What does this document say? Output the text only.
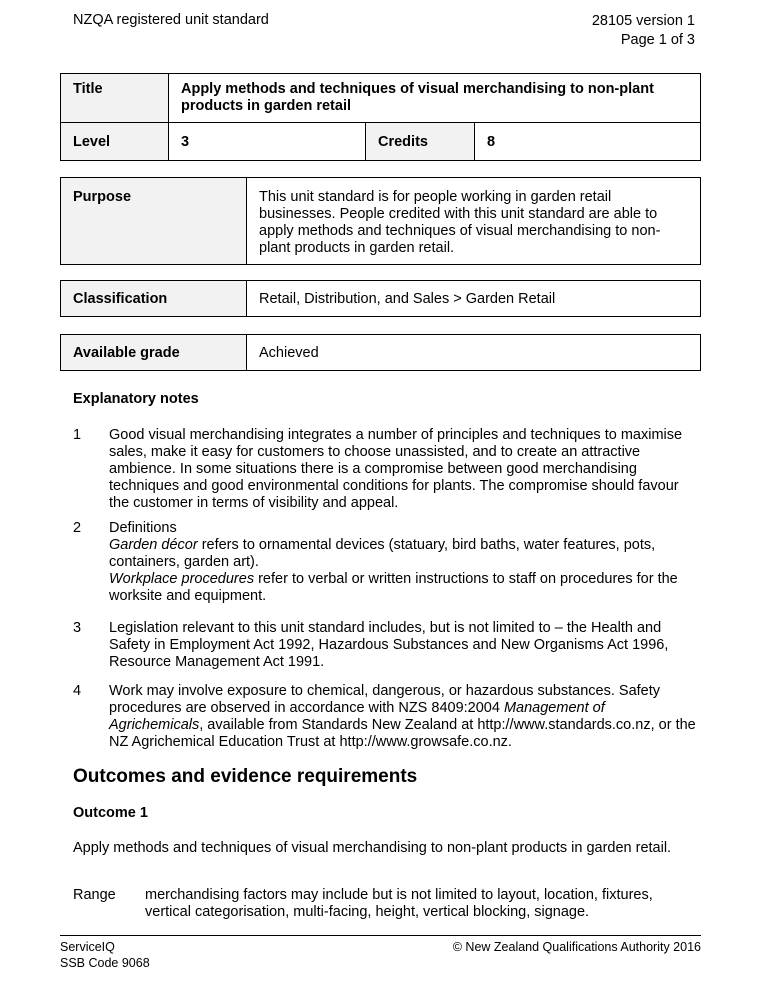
NZQA registered unit standard	28105 version 1
Page 1 of 3
Title	Apply methods and techniques of visual merchandising to non-plant products in garden retail		
Level	3	Credits	8
Purpose	This unit standard is for people working in garden retail businesses. People credited with this unit standard are able to apply methods and techniques of visual merchandising to non-plant products in garden retail.
Classification	Retail, Distribution, and Sales > Garden Retail
Available grade	Achieved
Explanatory notes
1 Good visual merchandising integrates a number of principles and techniques to maximise sales, make it easy for customers to choose unassisted, and to create an attractive ambience. In some situations there is a compromise between good merchandising techniques and good environmental conditions for plants. The compromise should favour the customer in terms of visibility and appeal.
2 Definitions
Garden décor refers to ornamental devices (statuary, bird baths, water features, pots, containers, garden art).
Workplace procedures refer to verbal or written instructions to staff on procedures for the worksite and equipment.
3 Legislation relevant to this unit standard includes, but is not limited to – the Health and Safety in Employment Act 1992, Hazardous Substances and New Organisms Act 1996, Resource Management Act 1991.
4 Work may involve exposure to chemical, dangerous, or hazardous substances. Safety procedures are observed in accordance with NZS 8409:2004 Management of Agrichemicals, available from Standards New Zealand at http://www.standards.co.nz, or the NZ Agrichemical Education Trust at http://www.growsafe.co.nz.
Outcomes and evidence requirements
Outcome 1
Apply methods and techniques of visual merchandising to non-plant products in garden retail.
Range merchandising factors may include but is not limited to layout, location, fixtures, vertical categorisation, multi-facing, height, vertical blocking, signage.
ServiceIQ
SSB Code 9068
© New Zealand Qualifications Authority 2016
